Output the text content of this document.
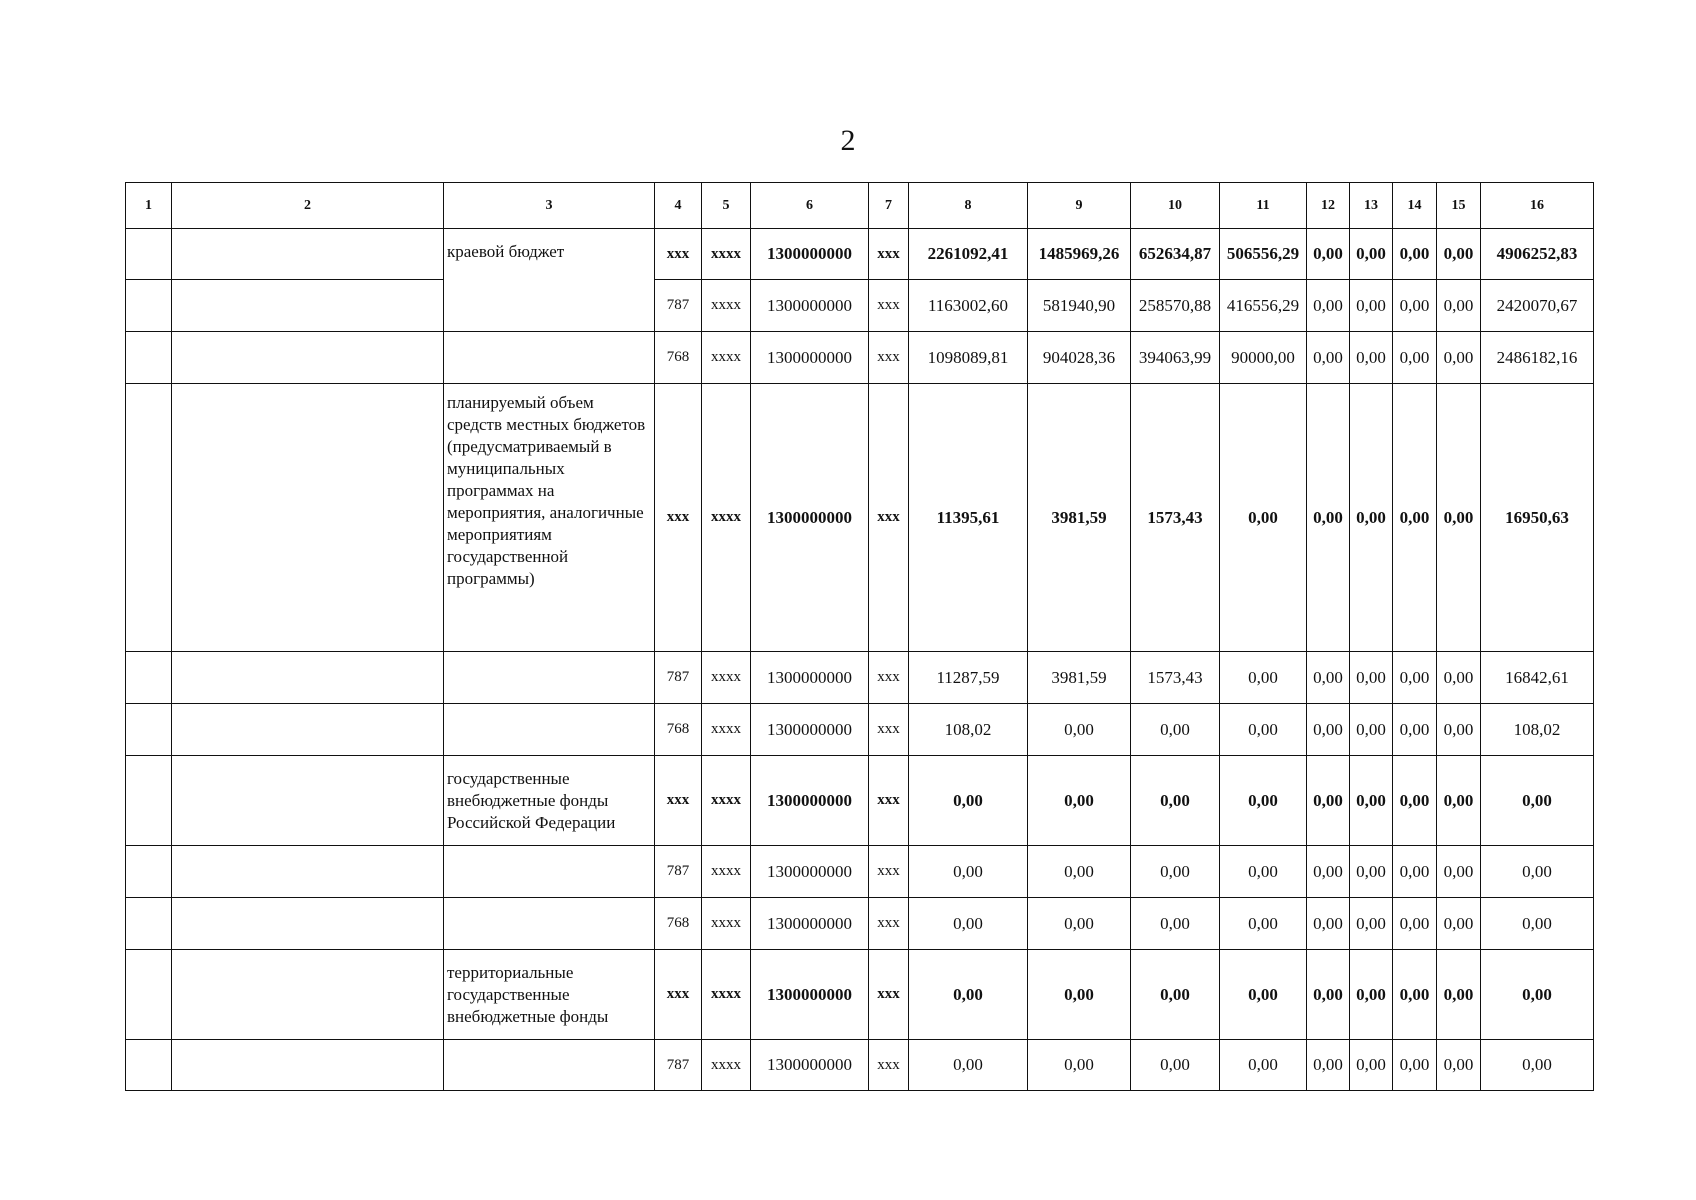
2
1	2	3	4	5	6	7	8	9	10	11	12	13	14	15	16
		краевой бюджет	xxx	xxxx	1300000000	xxx	2261092,41	1485969,26	652634,87	506556,29	0,00	0,00	0,00	0,00	4906252,83
			787	xxxx	1300000000	xxx	1163002,60	581940,90	258570,88	416556,29	0,00	0,00	0,00	0,00	2420070,67
			768	xxxx	1300000000	xxx	1098089,81	904028,36	394063,99	90000,00	0,00	0,00	0,00	0,00	2486182,16
		планируемый объем средств местных бюджетов (предусматриваемый в муниципальных программах на мероприятия, аналогичные мероприятиям государственной программы)	xxx	xxxx	1300000000	xxx	11395,61	3981,59	1573,43	0,00	0,00	0,00	0,00	0,00	16950,63
			787	xxxx	1300000000	xxx	11287,59	3981,59	1573,43	0,00	0,00	0,00	0,00	0,00	16842,61
			768	xxxx	1300000000	xxx	108,02	0,00	0,00	0,00	0,00	0,00	0,00	0,00	108,02
		государственные внебюджетные фонды Российской Федерации	xxx	xxxx	1300000000	xxx	0,00	0,00	0,00	0,00	0,00	0,00	0,00	0,00	0,00
			787	xxxx	1300000000	xxx	0,00	0,00	0,00	0,00	0,00	0,00	0,00	0,00	0,00
			768	xxxx	1300000000	xxx	0,00	0,00	0,00	0,00	0,00	0,00	0,00	0,00	0,00
		территориальные государственные внебюджетные фонды	xxx	xxxx	1300000000	xxx	0,00	0,00	0,00	0,00	0,00	0,00	0,00	0,00	0,00
			787	xxxx	1300000000	xxx	0,00	0,00	0,00	0,00	0,00	0,00	0,00	0,00	0,00
